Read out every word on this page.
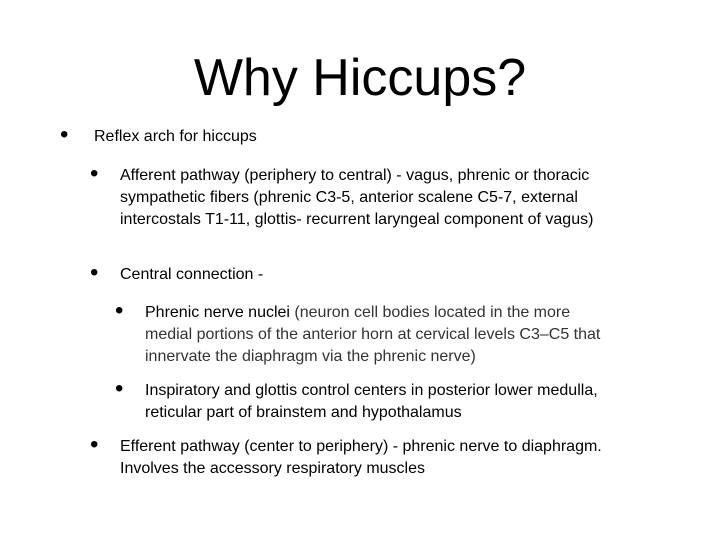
Why Hiccups?
•	Reflex arch for hiccups
•	Afferent pathway (periphery to central) - vagus, phrenic or thoracic sympathetic fibers (phrenic C3-5, anterior scalene C5-7, external intercostals T1-11, glottis- recurrent laryngeal component of vagus)
•	Central connection -
•	Phrenic nerve nuclei (neuron cell bodies located in the more medial portions of the anterior horn at cervical levels C3–C5 that innervate the diaphragm via the phrenic nerve)
•	Inspiratory and glottis control centers in posterior lower medulla, reticular part of brainstem and hypothalamus
•	Efferent pathway (center to periphery) - phrenic nerve to diaphragm. Involves the accessory respiratory muscles
